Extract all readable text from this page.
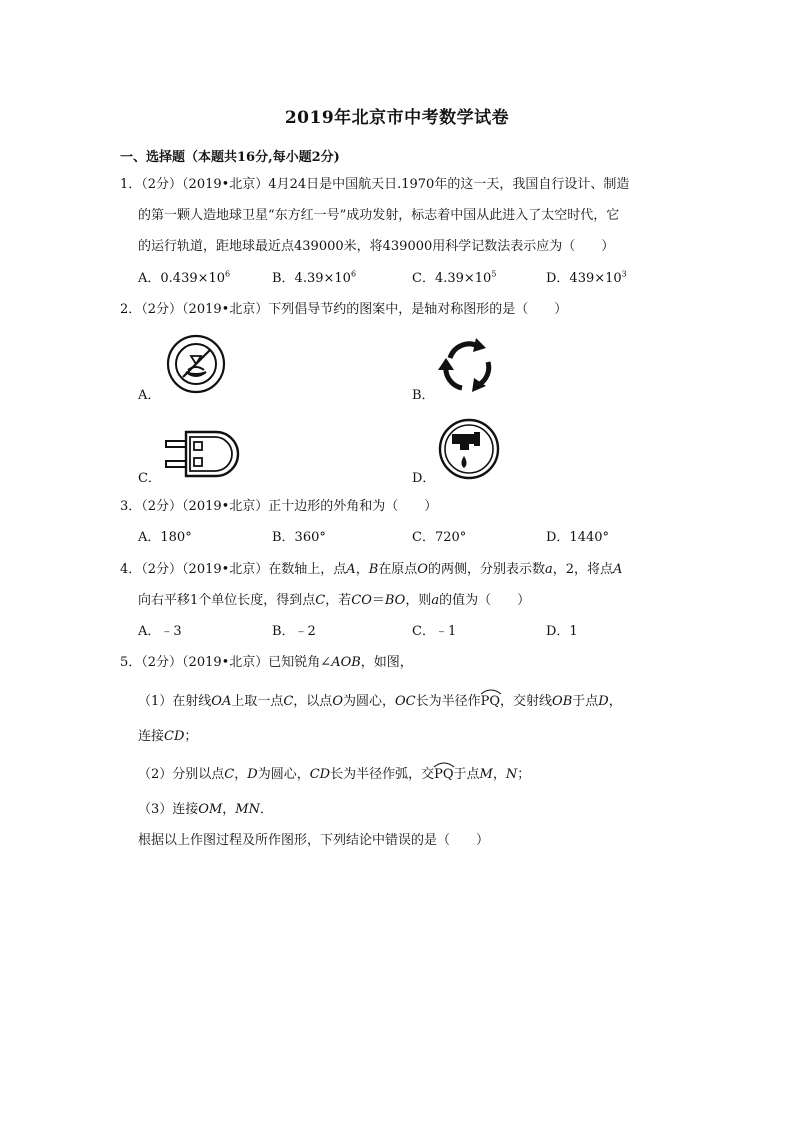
2019年北京市中考数学试卷
一、选择题（本题共16分,每小题2分)
1．（2分）（2019•北京）4月24日是中国航天日.1970年的这一天，我国自行设计、制造
的第一颗人造地球卫星“东方红一号”成功发射，标志着中国从此进入了太空时代，它
的运行轨道，距地球最近点439000米，将439000用科学记数法表示应为（　　）
A．$0.439\times 10^6$	B．$4.39\times 10^6$	C．$4.39\times 10^5$	D．$439\times 10^3$
2．（2分）（2019•北京）下列倡导节约的图案中，是轴对称图形的是（　　）
A．	B．
C．	D．
3．（2分）（2019•北京）正十边形的外角和为（　　）
A．180°	B．360°	C．720°	D．1440°
4．（2分）（2019•北京）在数轴上，点A，B在原点O的两侧，分别表示数a，2，将点A
向右平移1个单位长度，得到点C，若CO＝BO，则a的值为（　　）
A．﹣3	B．﹣2	C．﹣1	D．1
5．（2分）（2019•北京）已知锐角∠AOB，如图，
（1）在射线OA上取一点C，以点O为圆心，OC长为半径作
PQ，交射线OB于点D，
连接CD；
（2）分别以点C，D为圆心，CD长为半径作弧，交
PQ于点M，N；
（3）连接OM，MN．
根据以上作图过程及所作图形，下列结论中错误的是（　　）
